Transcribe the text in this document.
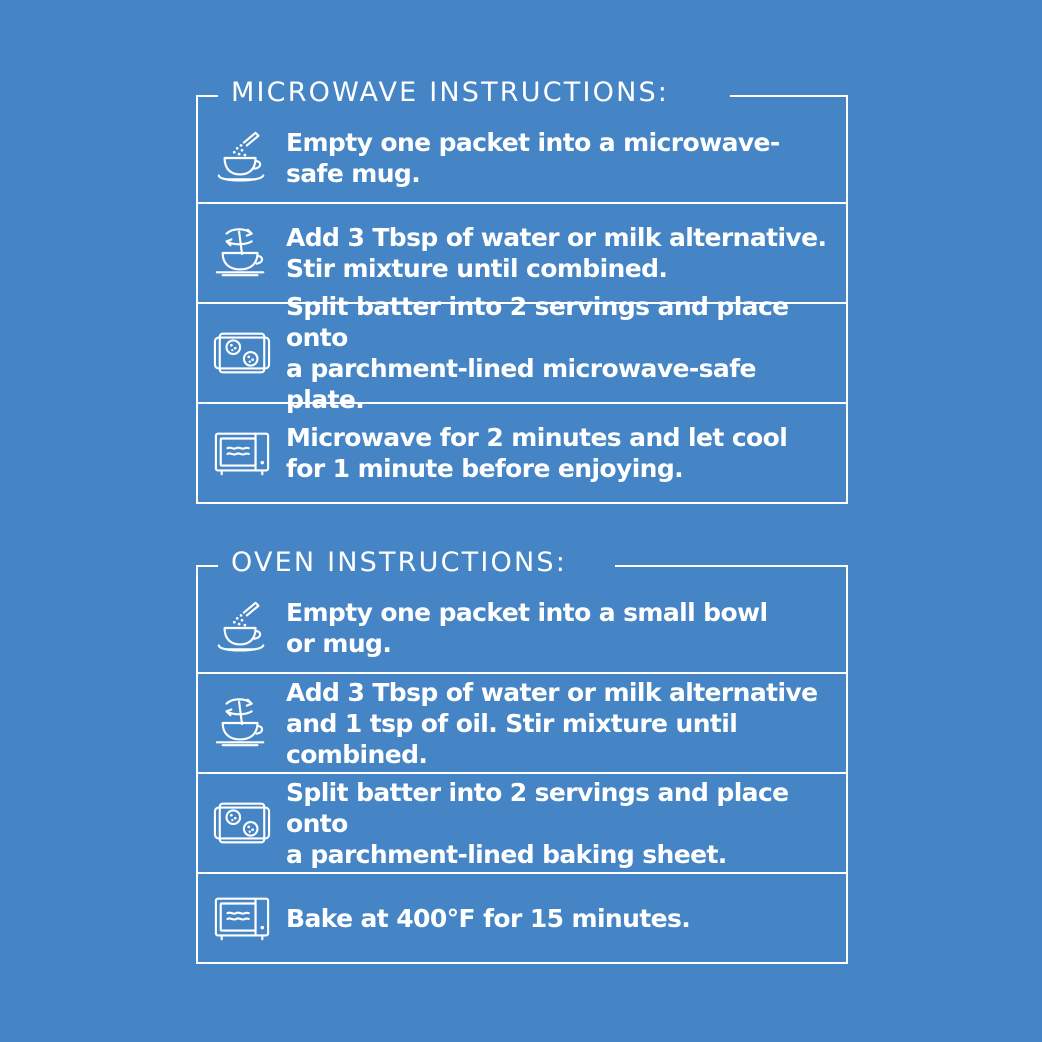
MICROWAVE INSTRUCTIONS:
Empty one packet into a microwave-
safe mug.
Add 3 Tbsp of water or milk alternative.
Stir mixture until combined.
Split batter into 2 servings and place onto
a parchment-lined microwave-safe plate.
Microwave for 2 minutes and let cool
for 1 minute before enjoying.
OVEN INSTRUCTIONS:
Empty one packet into a small bowl
or mug.
Add 3 Tbsp of water or milk alternative
and 1 tsp of oil. Stir mixture until combined.
Split batter into 2 servings and place onto
a parchment-lined baking sheet.
Bake at 400°F for 15 minutes.
